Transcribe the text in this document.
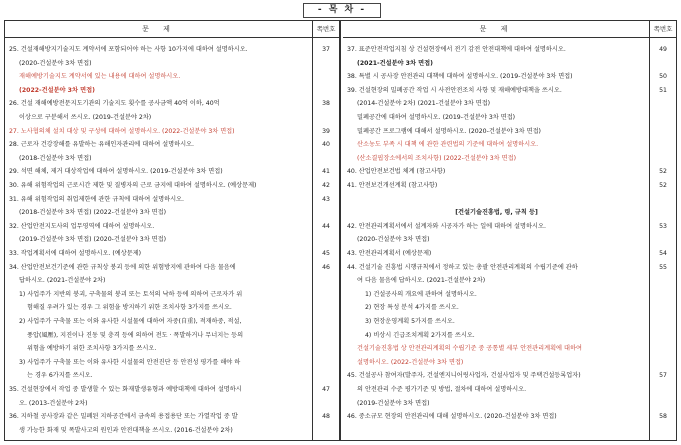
- 목 차 -
문 제	쪽번호
25. 건설재해방지기술지도 계약서에 포함되어야 하는 사항 10가지에 대하여 설명하시오.	37
(2020-건설분야 3차 면접)
재해예방기술지도 계약서에 있는 내용에 대하여 설명하시오.
(2022-건설분야 3차 면접)
26. 건설 재해예방전문지도기관의 기술지도 횟수를 공사금액 40억 이하, 40억	38
이상으로 구분해서 쓰시오. (2019-건설분야 2차)
27. 노사협의체 설치 대상 및 구성에 대하여 설명하시오. (2022-건설분야 3차 면접)	39
28. 근로자 건강장해를 유발하는 유해인자관리에 대하여 설명하시오.	40
(2018-건설분야 3차 면접)
29. 석면 해체, 제거 대상작업에 대하여 설명하시오. (2019-건설분야 3차 면접)	41
30. 유해 위험작업의 근로시간 제한 및 질병자의 근로 금지에 대하여 설명하시오. (예상문제)	42
31. 유해 위험작업의 취업제한에 관한 규칙에 대하여 설명하시오.	43
(2018-건설분야 3차 면접) (2022-건설분야 3차 면접)
32. 산업안전지도사의 업무영역에 대하여 설명하시오.	44
(2019-건설분야 3차 면접) (2020-건설분야 3차 면접)
33. 작업계획서에 대하여 설명하시오. (예상문제)	45
34. 산업안전보건기준에 관한 규칙상 붕괴 등에 의한 위험방지에 관하여 다음 물음에	46
답하시오. (2021-건설분야 2차)
1) 사업주가 지반의 붕괴, 구축물의 붕괴 또는 토석의 낙하 등에 의하여 근로자가 위
험해질 우려가 있는 경우 그 위험을 방지하기 위한 조치사항 3가지를 쓰시오.
2) 사업주가 구축물 또는 이와 유사한 시설물에 대하여 자중(自重), 적재하중, 적설,
풍압(風壓), 지진이나 진동 및 충격 등에 의하여 전도 · 폭발하거나 무너지는 등의
위험을 예방하기 위한 조치사항 3가지를 쓰시오.
3) 사업주가 구축물 또는 이와 유사한 시설물의 안전진단 등 안전성 평가를 해야 하
는 경우 6가지를 쓰시오.
35. 건설현장에서 작업 중 발생할 수 있는 화재발생유형과 예방대책에 대하여 설명하시	47
오. (2013-건설분야 2차)
36. 지하철 공사장과 같은 밀폐된 지하공간에서 금속의 용접용단 또는 가열작업 중 발	48
생 가능한 화재 및 폭발사고의 원인과 안전대책을 쓰시오. (2016-건설분야 2차)
문 제	쪽번호
37. 표준안전작업지침 상 건설현장에서 전기 감전 안전대책에 대하여 설명하시오.	49
(2021-건설분야 3차 면접)
38. 특별 시 공사장 안전관리 대책에 대하여 설명하시오. (2019-건설분야 3차 면접)	50
39. 건설현장의 밀폐공간 작업 시 사전안전조치 사항 및 재해예방대책을 쓰시오.	51
(2014-건설분야 2차) (2021-건설분야 3차 면접)
밀폐공간에 대하여 설명하시오. (2019-건설분야 3차 면접)
밀폐공간 프로그램에 대해서 설명하시오. (2020-건설분야 3차 면접)
산소농도 부족 시 대책 에 관한 관련법의 기준에 대하여 설명하시오.
(산소결핍장소에서의 조치사항) (2022-건설분야 3차 면접)
40. 산업안전보건법 체계 (참고사항)	52
41. 안전보건개선계획 (참고사항)	52
[건설기술진흥법, 령, 규칙 등]
42. 안전관리계획서에서 설계자와 시공자가 하는 일에 대하여 설명하시오.	53
(2020-건설분야 3차 면접)
43. 안전관리계획서 (예상문제)	54
44. 건설기술 진흥법 시행규칙에서 정하고 있는 총괄 안전관리계획의 수립기준에 관하	55
여 다음 물음에 답하시오. (2021-건설분야 2차)
1) 건설공사의 개요에 관하여 설명하시오.
2) 현장 특성 분석 4가지를 쓰시오.
3) 현장운영계획 5가지를 쓰시오.
4) 비상시 긴급조치계획 2가지를 쓰시오.
건설기술진흥법 상 안전관리계획의 수립기준 중 공통별 세부 안전관리계획에 대하여
설명하시오. (2022-건설분야 3차 면접)
45. 건설공사 참여자(발주자, 건설엔지니어링사업자, 건설사업자 및 주택건설등록업자)	57
의 안전관리 수준 평가기준 및 방법, 절차에 대하여 설명하시오.
(2019-건설분야 3차 면접)
46. 중소규모 현장의 안전관리에 대해 설명하시오. (2020-건설분야 3차 면접)	58
